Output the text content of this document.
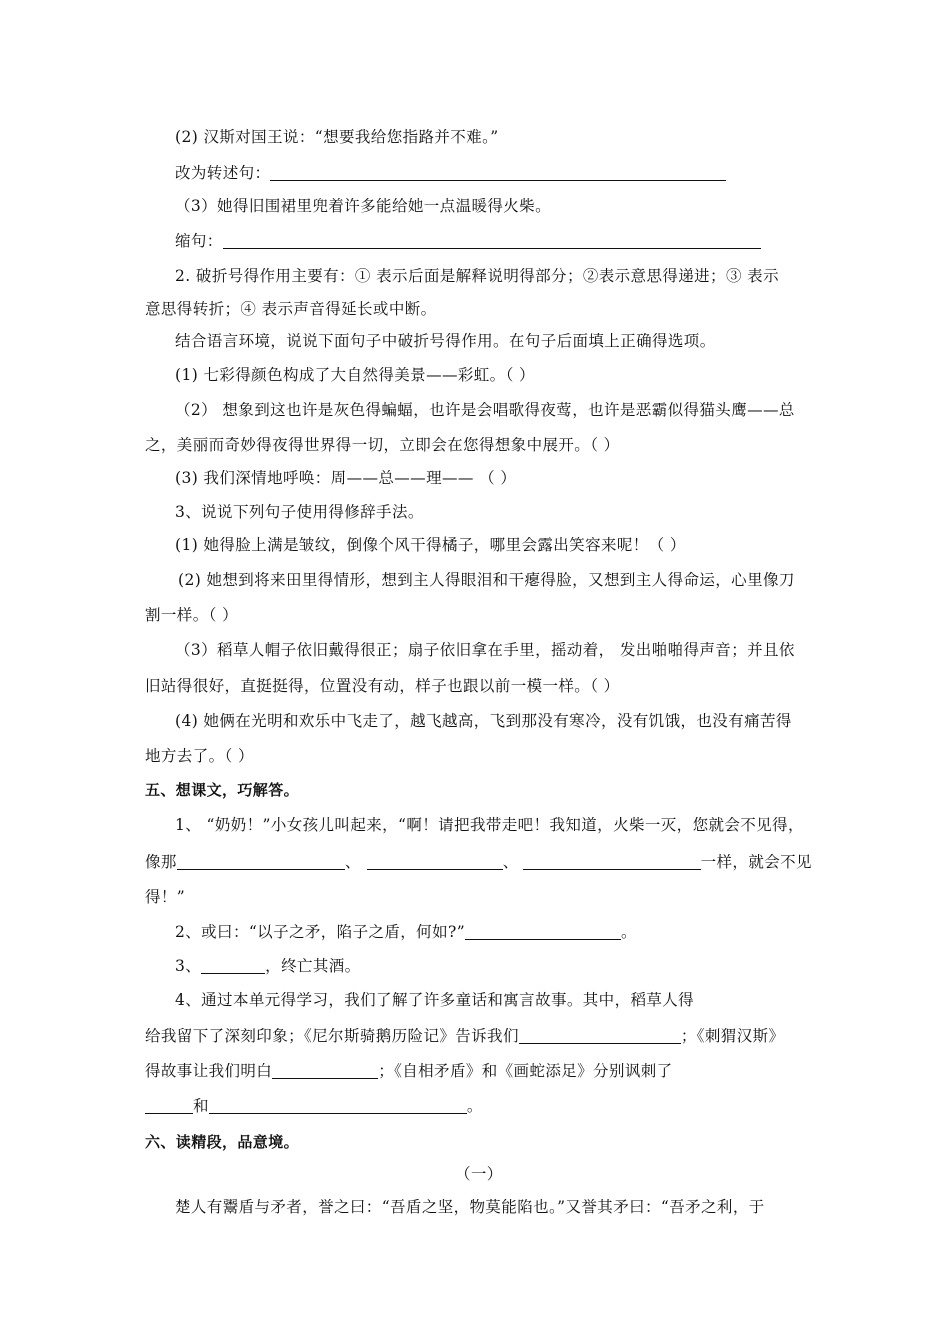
(2) 汉斯对国王说：“想要我给您指路并不难。”
改为转述句：
（3）她得旧围裙里兜着许多能给她一点温暖得火柴。
缩句：
2. 破折号得作用主要有：① 表示后面是解释说明得部分；②表示意思得递进；③ 表示
意思得转折；④ 表示声音得延长或中断。
结合语言环境，说说下面句子中破折号得作用。在句子后面填上正确得选项。
(1) 七彩得颜色构成了大自然得美景——彩虹。（ ）
（2） 想象到这也许是灰色得蝙蝠，也许是会唱歌得夜莺，也许是恶霸似得猫头鹰——总
之，美丽而奇妙得夜得世界得一切，立即会在您得想象中展开。（ ）
(3) 我们深情地呼唤：周——总——理—— （ ）
3、说说下列句子使用得修辞手法。
(1) 她得脸上满是皱纹，倒像个风干得橘子，哪里会露出笑容来呢！（ ）
(2) 她想到将来田里得情形，想到主人得眼泪和干瘪得脸，又想到主人得命运，心里像刀
割一样。（ ）
（3）稻草人帽子依旧戴得很正；扇子依旧拿在手里，摇动着， 发出啪啪得声音；并且依
旧站得很好，直挺挺得，位置没有动，样子也跟以前一模一样。（ ）
(4) 她俩在光明和欢乐中飞走了，越飞越高，飞到那没有寒冷，没有饥饿，也没有痛苦得
地方去了。（ ）
五、想课文，巧解答。
1、 “奶奶！”小女孩儿叫起来，“啊！请把我带走吧！我知道，火柴一灭，您就会不见得，
像那	、	、	一样，就会不见
得！”
2、或曰：“以子之矛，陷子之盾，何如?”	。
3、	，终亡其酒。
4、通过本单元得学习，我们了解了许多童话和寓言故事。其中，稻草人得
给我留下了深刻印象；《尼尔斯骑鹅历险记》告诉我们	；《刺猬汉斯》
得故事让我们明白	；《自相矛盾》和《画蛇添足》分别讽刺了
和	。
六、读精段，品意境。
（一）
楚人有鬻盾与矛者，誉之曰：“吾盾之坚，物莫能陷也。”又誉其矛曰：“吾矛之利，于
